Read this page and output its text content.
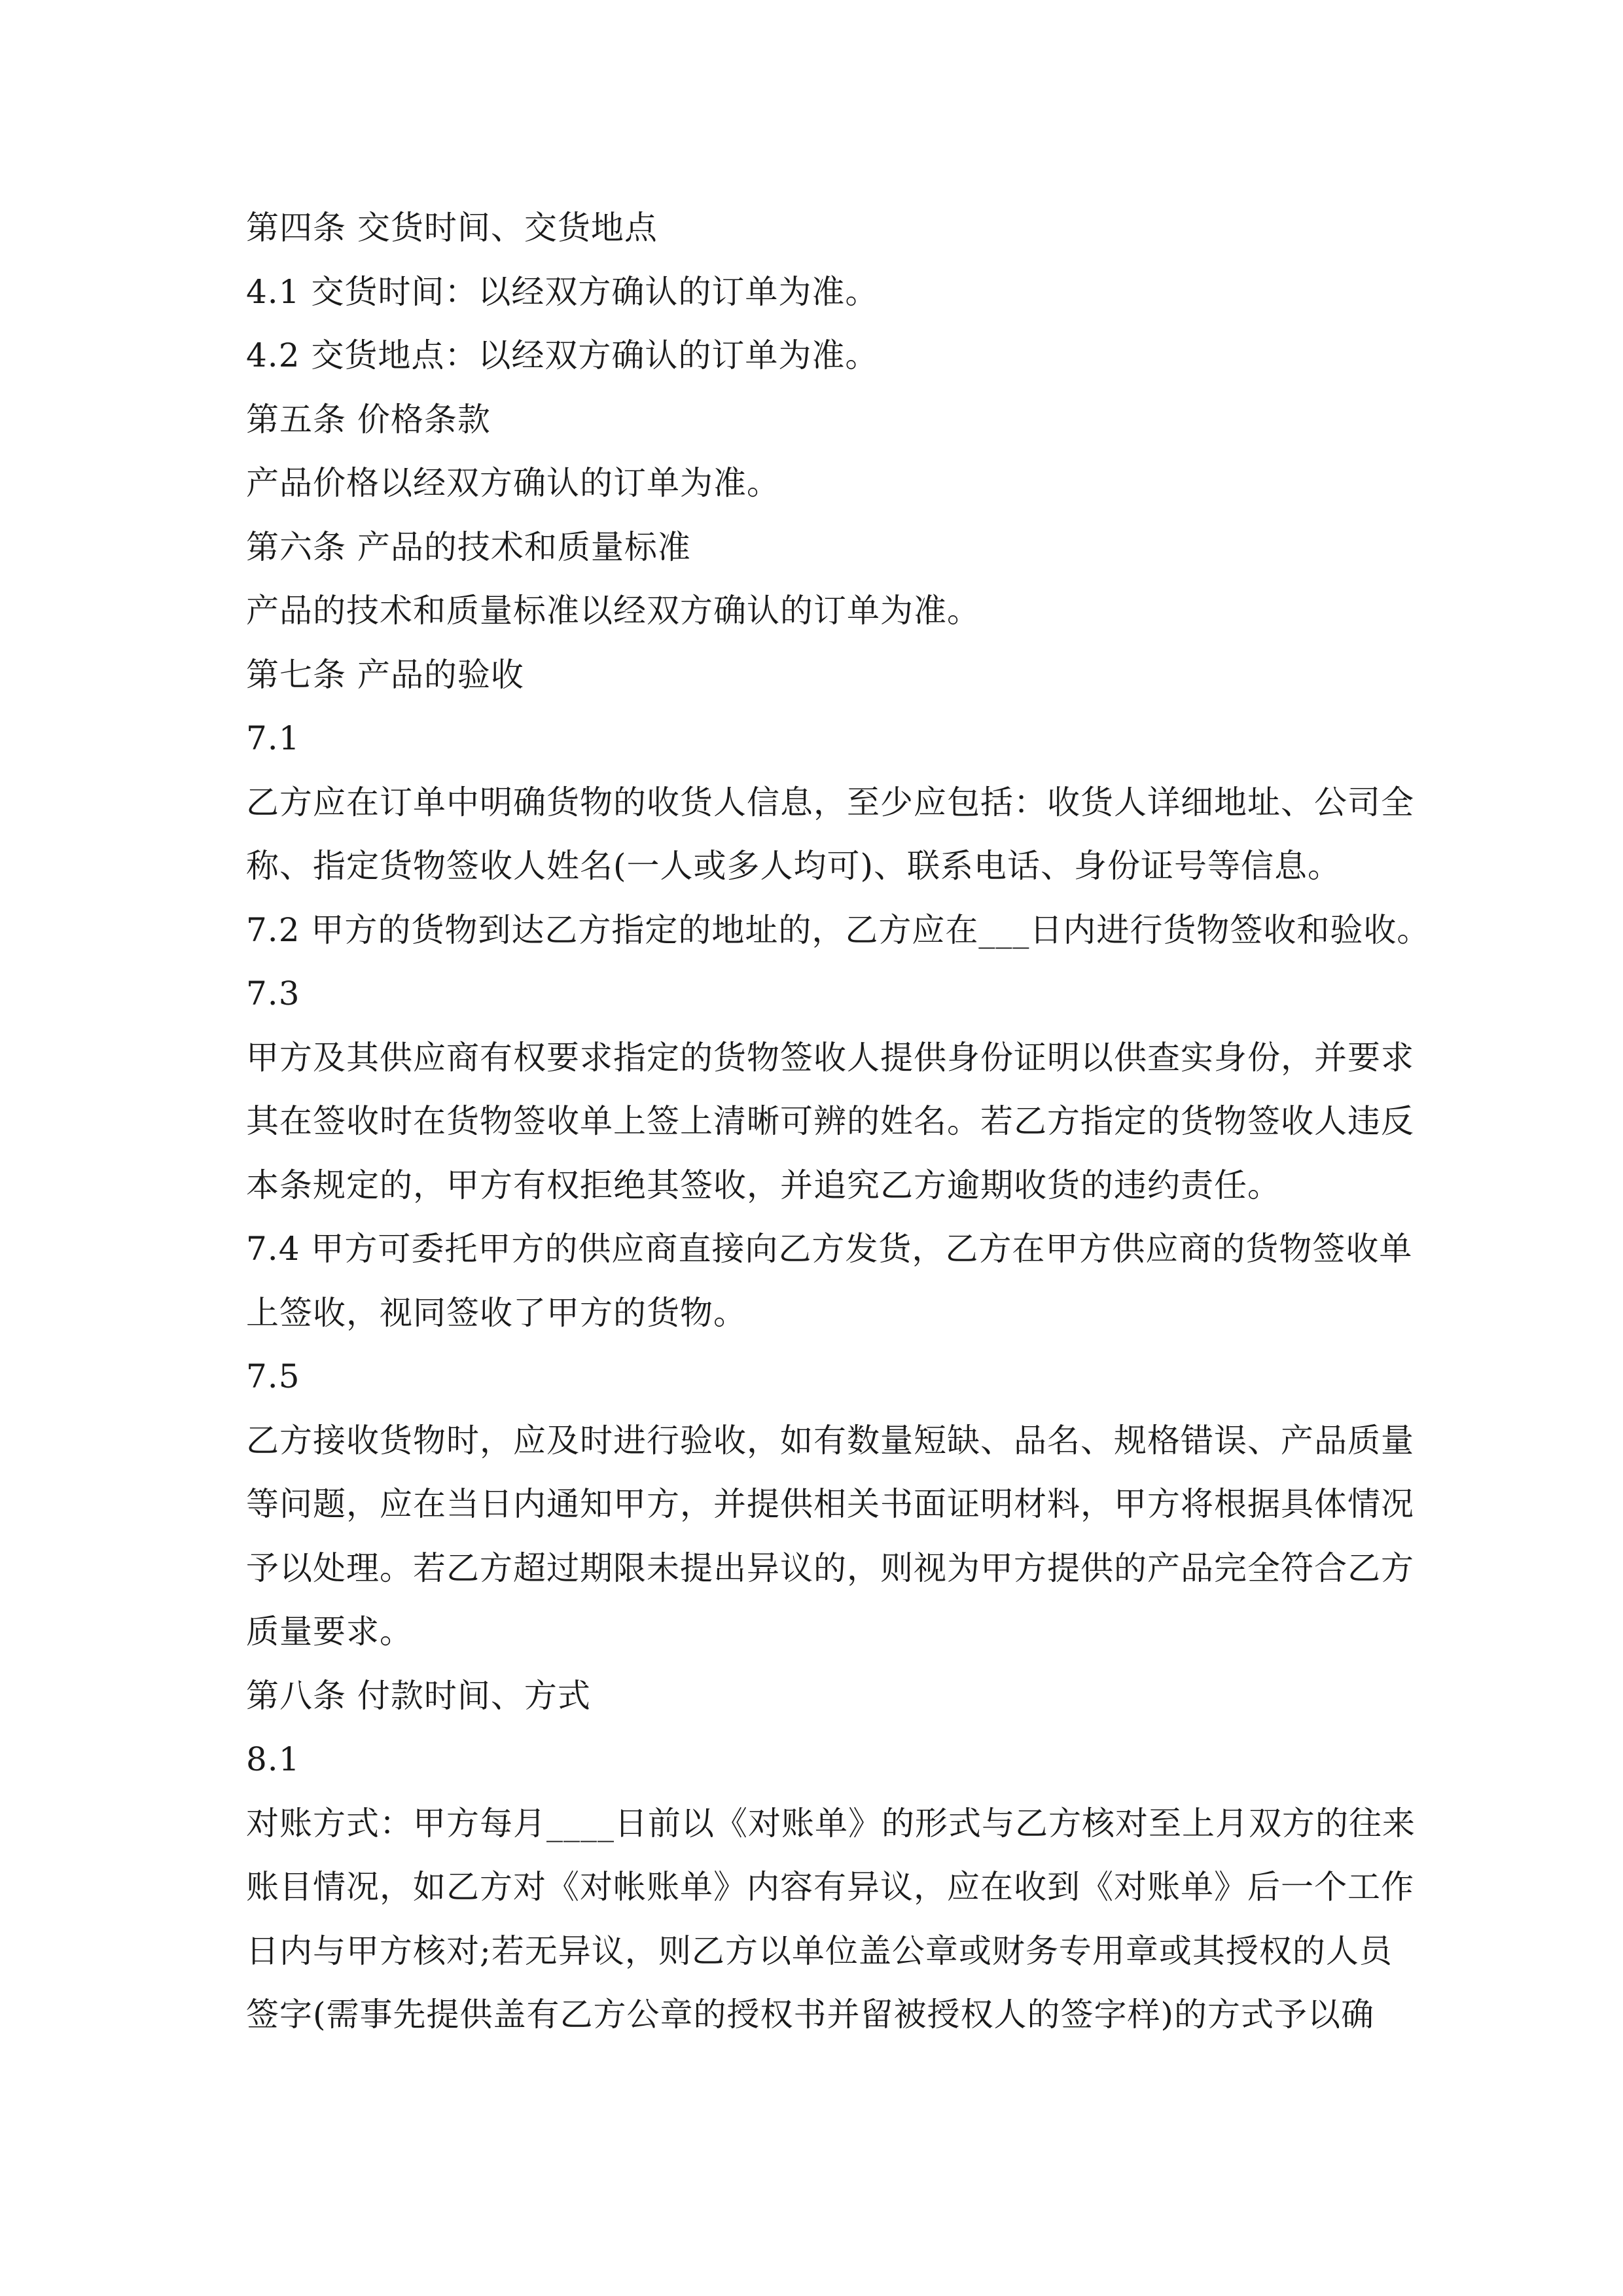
第四条 交货时间、交货地点
4.1 交货时间：以经双方确认的订单为准。
4.2 交货地点：以经双方确认的订单为准。
第五条 价格条款
产品价格以经双方确认的订单为准。
第六条 产品的技术和质量标准
产品的技术和质量标准以经双方确认的订单为准。
第七条 产品的验收
7.1
乙方应在订单中明确货物的收货人信息，至少应包括：收货人详细地址、公司全
称、指定货物签收人姓名(一人或多人均可)、联系电话、身份证号等信息。
7.2 甲方的货物到达乙方指定的地址的，乙方应在___日内进行货物签收和验收。
7.3
甲方及其供应商有权要求指定的货物签收人提供身份证明以供查实身份，并要求
其在签收时在货物签收单上签上清晰可辨的姓名。若乙方指定的货物签收人违反
本条规定的，甲方有权拒绝其签收，并追究乙方逾期收货的违约责任。
7.4 甲方可委托甲方的供应商直接向乙方发货，乙方在甲方供应商的货物签收单
上签收，视同签收了甲方的货物。
7.5
乙方接收货物时，应及时进行验收，如有数量短缺、品名、规格错误、产品质量
等问题，应在当日内通知甲方，并提供相关书面证明材料，甲方将根据具体情况
予以处理。若乙方超过期限未提出异议的，则视为甲方提供的产品完全符合乙方
质量要求。
第八条 付款时间、方式
8.1
对账方式：甲方每月____日前以《对账单》的形式与乙方核对至上月双方的往来
账目情况，如乙方对《对帐账单》内容有异议，应在收到《对账单》后一个工作
日内与甲方核对;若无异议，则乙方以单位盖公章或财务专用章或其授权的人员
签字(需事先提供盖有乙方公章的授权书并留被授权人的签字样)的方式予以确
